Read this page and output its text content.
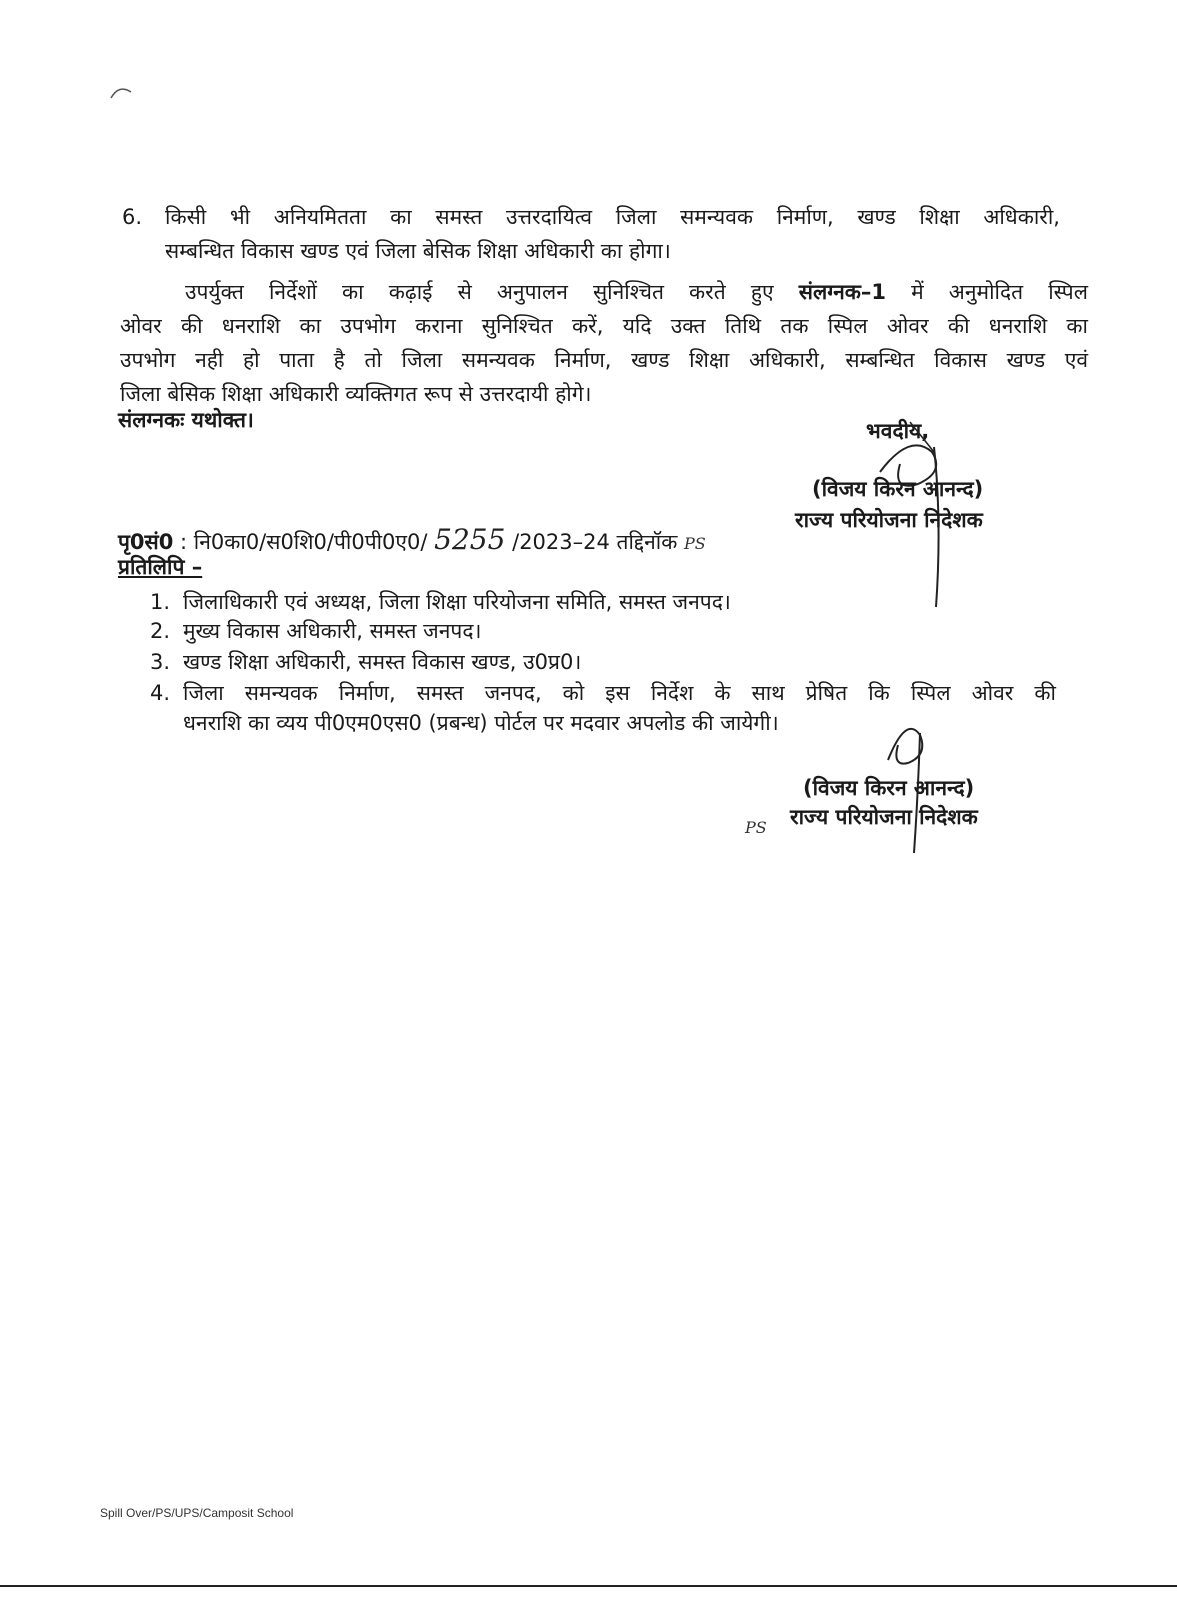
6. किसी भी अनियमितता का समस्त उत्तरदायित्व जिला समन्यवक निर्माण, खण्ड शिक्षा अधिकारी,
सम्बन्धित विकास खण्ड एवं जिला बेसिक शिक्षा अधिकारी का होगा।
उपर्युक्त निर्देशों का कढ़ाई से अनुपालन सुनिश्चित करते हुए संलग्नक–1 में अनुमोदित स्पिल
ओवर की धनराशि का उपभोग कराना सुनिश्चित करें, यदि उक्त तिथि तक स्पिल ओवर की धनराशि का
उपभोग नही हो पाता है तो जिला समन्यवक निर्माण, खण्ड शिक्षा अधिकारी, सम्बन्धित विकास खण्ड एवं
जिला बेसिक शिक्षा अधिकारी व्यक्तिगत रूप से उत्तरदायी होगे।
संलग्नकः यथोक्त।	भवदीय,
(विजय किरन आनन्द)
राज्य परियोजना निदेशक
पृ0सं0 : नि0का0/स0शि0/पी0पी0ए0/ 5255 /2023–24 तद्दिनॉक PS
प्रतिलिपि –
1. जिलाधिकारी एवं अध्यक्ष, जिला शिक्षा परियोजना समिति, समस्त जनपद।
2. मुख्य विकास अधिकारी, समस्त जनपद।
3. खण्ड शिक्षा अधिकारी, समस्त विकास खण्ड, उ0प्र0।
4. जिला समन्यवक निर्माण, समस्त जनपद, को इस निर्देश के साथ प्रेषित कि स्पिल ओवर की
धनराशि का व्यय पी0एम0एस0 (प्रबन्ध) पोर्टल पर मदवार अपलोड की जायेगी।
(विजय किरन आनन्द)
राज्य परियोजना निदेशक
PS
Spill Over/PS/UPS/Camposit School
